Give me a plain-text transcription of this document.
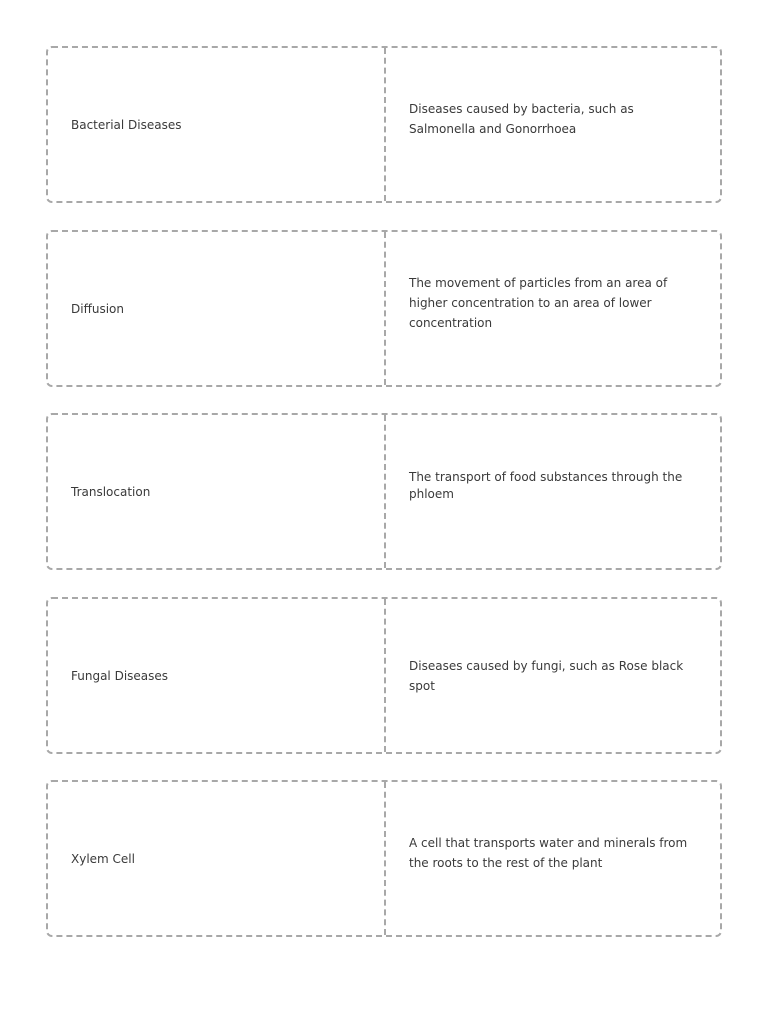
Bacterial Diseases
Diseases caused by bacteria, such as Salmonella and Gonorrhoea
Diffusion
The movement of particles from an area of higher concentration to an area of lower concentration
Translocation
The transport of food substances through the phloem
Fungal Diseases
Diseases caused by fungi, such as Rose black spot
Xylem Cell
A cell that transports water and minerals from the roots to the rest of the plant
